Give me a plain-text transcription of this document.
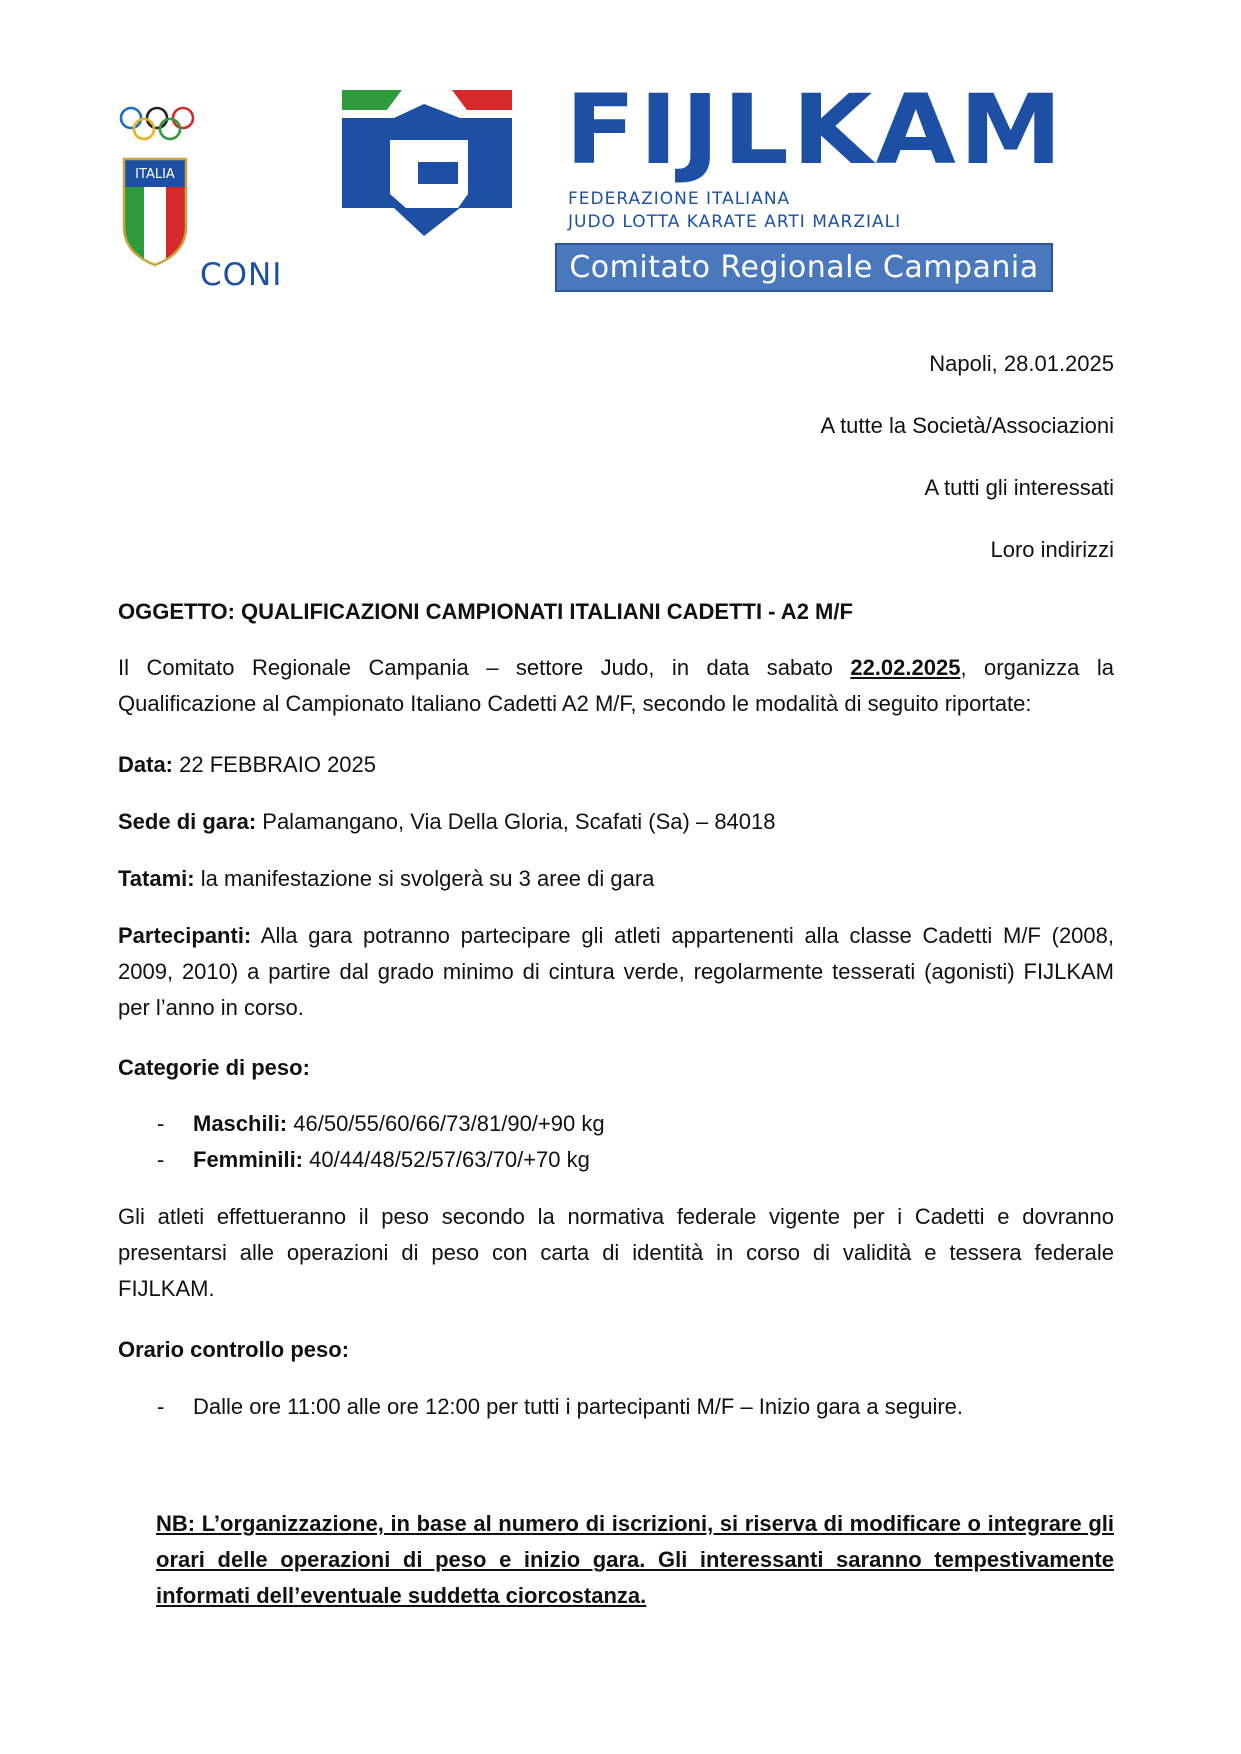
ITALIA
CONI
FIJLKAM
FEDERAZIONE ITALIANA
JUDO LOTTA KARATE ARTI MARZIALI
Comitato Regionale Campania
Napoli, 28.01.2025
A tutte la Società/Associazioni
A tutti gli interessati
Loro indirizzi
OGGETTO: QUALIFICAZIONI CAMPIONATI ITALIANI CADETTI - A2 M/F
Il Comitato Regionale Campania – settore Judo, in data sabato 22.02.2025, organizza la Qualificazione al Campionato Italiano Cadetti A2 M/F, secondo le modalità di seguito riportate:
Data: 22 FEBBRAIO 2025
Sede di gara: Palamangano, Via Della Gloria, Scafati (Sa) – 84018
Tatami: la manifestazione si svolgerà su 3 aree di gara
Partecipanti: Alla gara potranno partecipare gli atleti appartenenti alla classe Cadetti M/F (2008, 2009, 2010) a partire dal grado minimo di cintura verde, regolarmente tesserati (agonisti) FIJLKAM per l’anno in corso.
Categorie di peso:
- Maschili: 46/50/55/60/66/73/81/90/+90 kg
- Femminili: 40/44/48/52/57/63/70/+70 kg
Gli atleti effettueranno il peso secondo la normativa federale vigente per i Cadetti e dovranno presentarsi alle operazioni di peso con carta di identità in corso di validità e tessera federale FIJLKAM.
Orario controllo peso:
- Dalle ore 11:00 alle ore 12:00 per tutti i partecipanti M/F – Inizio gara a seguire.
NB: L’organizzazione, in base al numero di iscrizioni, si riserva di modificare o integrare gli orari delle operazioni di peso e inizio gara. Gli interessanti saranno tempestivamente informati dell’eventuale suddetta ciorcostanza.
